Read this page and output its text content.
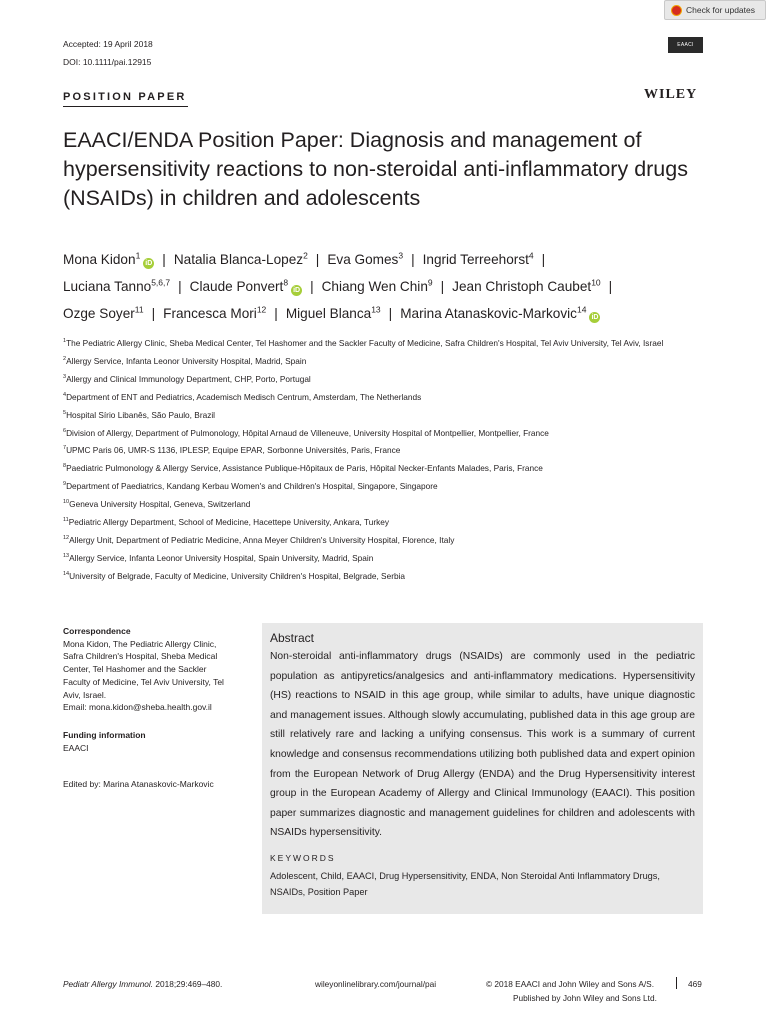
Check for updates
Accepted: 19 April 2018
DOI: 10.1111/pai.12915
EAACI
POSITION PAPER	WILEY
EAACI/ENDA Position Paper: Diagnosis and management of hypersensitivity reactions to non-steroidal anti-inflammatory drugs (NSAIDs) in children and adolescents
Mona Kidon$^1$iD | Natalia Blanca-Lopez$^2$ | Eva Gomes$^3$ | Ingrid Terreehorst$^4$ |
Luciana Tanno$^{5,6,7}$ | Claude Ponvert$^8$iD | Chiang Wen Chin$^9$ | Jean Christoph Caubet$^{10}$ |
Ozge Soyer$^{11}$ | Francesca Mori$^{12}$ | Miguel Blanca$^{13}$ | Marina Atanaskovic-Markovic$^{14}$iD
$^1$The Pediatric Allergy Clinic, Sheba Medical Center, Tel Hashomer and the Sackler Faculty of Medicine, Safra Children's Hospital, Tel Aviv University, Tel Aviv, Israel
$^2$Allergy Service, Infanta Leonor University Hospital, Madrid, Spain
$^3$Allergy and Clinical Immunology Department, CHP, Porto, Portugal
$^4$Department of ENT and Pediatrics, Academisch Medisch Centrum, Amsterdam, The Netherlands
$^5$Hospital Sírio Libanês, São Paulo, Brazil
$^6$Division of Allergy, Department of Pulmonology, Hôpital Arnaud de Villeneuve, University Hospital of Montpellier, Montpellier, France
$^7$UPMC Paris 06, UMR-S 1136, IPLESP, Equipe EPAR, Sorbonne Universités, Paris, France
$^8$Paediatric Pulmonology & Allergy Service, Assistance Publique-Hôpitaux de Paris, Hôpital Necker-Enfants Malades, Paris, France
$^9$Department of Paediatrics, Kandang Kerbau Women's and Children's Hospital, Singapore, Singapore
$^{10}$Geneva University Hospital, Geneva, Switzerland
$^{11}$Pediatric Allergy Department, School of Medicine, Hacettepe University, Ankara, Turkey
$^{12}$Allergy Unit, Department of Pediatric Medicine, Anna Meyer Children's University Hospital, Florence, Italy
$^{13}$Allergy Service, Infanta Leonor University Hospital, Spain University, Madrid, Spain
$^{14}$University of Belgrade, Faculty of Medicine, University Children's Hospital, Belgrade, Serbia
Correspondence
Mona Kidon, The Pediatric Allergy Clinic,
Safra Children's Hospital, Sheba Medical
Center, Tel Hashomer and the Sackler
Faculty of Medicine, Tel Aviv University, Tel
Aviv, Israel.
Email: mona.kidon@sheba.health.gov.il
Funding information
EAACI
Edited by: Marina Atanaskovic-Markovic
Abstract
Non-steroidal anti-inflammatory drugs (NSAIDs) are commonly used in the pediatric population as antipyretics/analgesics and anti-inflammatory medications. Hypersensitivity (HS) reactions to NSAID in this age group, while similar to adults, have unique diagnostic and management issues. Although slowly accumulating, published data in this age group are still relatively rare and lacking a unifying consensus. This work is a summary of current knowledge and consensus recommendations utilizing both published data and expert opinion from the European Network of Drug Allergy (ENDA) and the Drug Hypersensitivity interest group in the European Academy of Allergy and Clinical Immunology (EAACI). This position paper summarizes diagnostic and management guidelines for children and adolescents with NSAIDs hypersensitivity.
KEYWORDS
Adolescent, Child, EAACI, Drug Hypersensitivity, ENDA, Non Steroidal Anti Inflammatory Drugs, NSAIDs, Position Paper
Pediatr Allergy Immunol. 2018;29:469–480.	wileyonlinelibrary.com/journal/pai	© 2018 EAACI and John Wiley and Sons A/S.	469
Published by John Wiley and Sons Ltd.
